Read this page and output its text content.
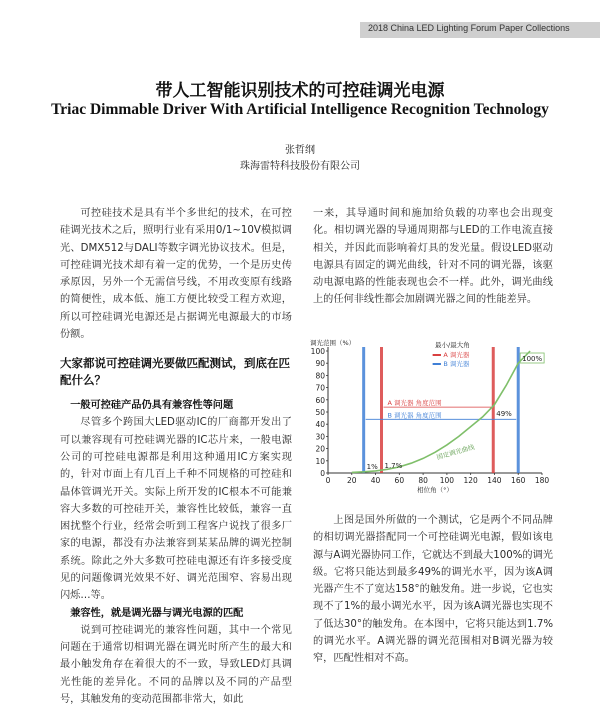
2018 China LED Lighting Forum Paper Collections
带人工智能识别技术的可控硅调光电源
Triac Dimmable Driver With Artificial Intelligence Recognition Technology
张哲纲
珠海雷特科技股份有限公司

可控硅技术是具有半个多世纪的技术，在可控硅调光技术之后，照明行业有采用0/1~10V模拟调光、DMX512与DALI等数字调光协议技术。但是，可控硅调光技术却有着一定的优势，一个是历史传承原因，另外一个无需信号线，不用改变原有线路的简便性，成本低、施工方便比较受工程方欢迎，所以可控硅调光电源还是占据调光电源最大的市场份额。

大家都说可控硅调光要做匹配测试，到底在匹配什么？

一般可控硅产品仍具有兼容性等问题

尽管多个跨国大LED驱动IC的厂商都开发出了可以兼容现有可控硅调光器的IC芯片来，一般电源公司的可控硅电源都是利用这种通用IC方案实现的，针对市面上有几百上千种不同规格的可控硅和晶体管调光开关。实际上所开发的IC根本不可能兼容大多数的可控硅开关，兼容性比较低，兼容一直困扰整个行业，经常会听到工程客户说找了很多厂家的电源，都没有办法兼容到某某品牌的调光控制系统。除此之外大多数可控硅电源还有许多接受度见的问题像调光效果不好、调光范围窄、容易出现闪烁…等。

兼容性，就是调光器与调光电源的匹配

说到可控硅调光的兼容性问题，其中一个常见问题在于通常切相调光器在调光时所产生的最大和最小触发角存在着很大的不一致，导致LED灯具调光性能的差异化。不同的品牌以及不同的产品型号，其触发角的变动范围都非常大，如此

一来，其导通时间和施加给负载的功率也会出现变化。相切调光器的导通周期都与LED的工作电流直接相关，并因此而影响着灯具的发光量。假设LED驱动电源具有固定的调光曲线，针对不同的调光器，该驱动电源电路的性能表现也会不一样。此外，调光曲线上的任何非线性都会加剧调光器之间的性能差异。

0
10
20
30
40
50
60
70
80
90
100
0 20 40 60 80 100 120 140 160 180
调光范围（%）
相位角（°）
A 调光器 角度范围
B 调光器 角度范围
固定调光曲线
1% 1.7%
49%
100%
最小/最大角
A 调光器
B 调光器

上图是国外所做的一个测试，它是两个不同品牌的相切调光器搭配同一个可控硅调光电源，假如该电源与A调光器协同工作，它就达不到最大100%的调光级。它将只能达到最多49%的调光水平，因为该A调光器产生不了宽达158°的触发角。进一步说，它也实现不了1%的最小调光水平，因为该A调光器也实现不了低达30°的触发角。在本图中，它将只能达到1.7%的调光水平。A调光器的调光范围相对B调光器为较窄，匹配性相对不高。
